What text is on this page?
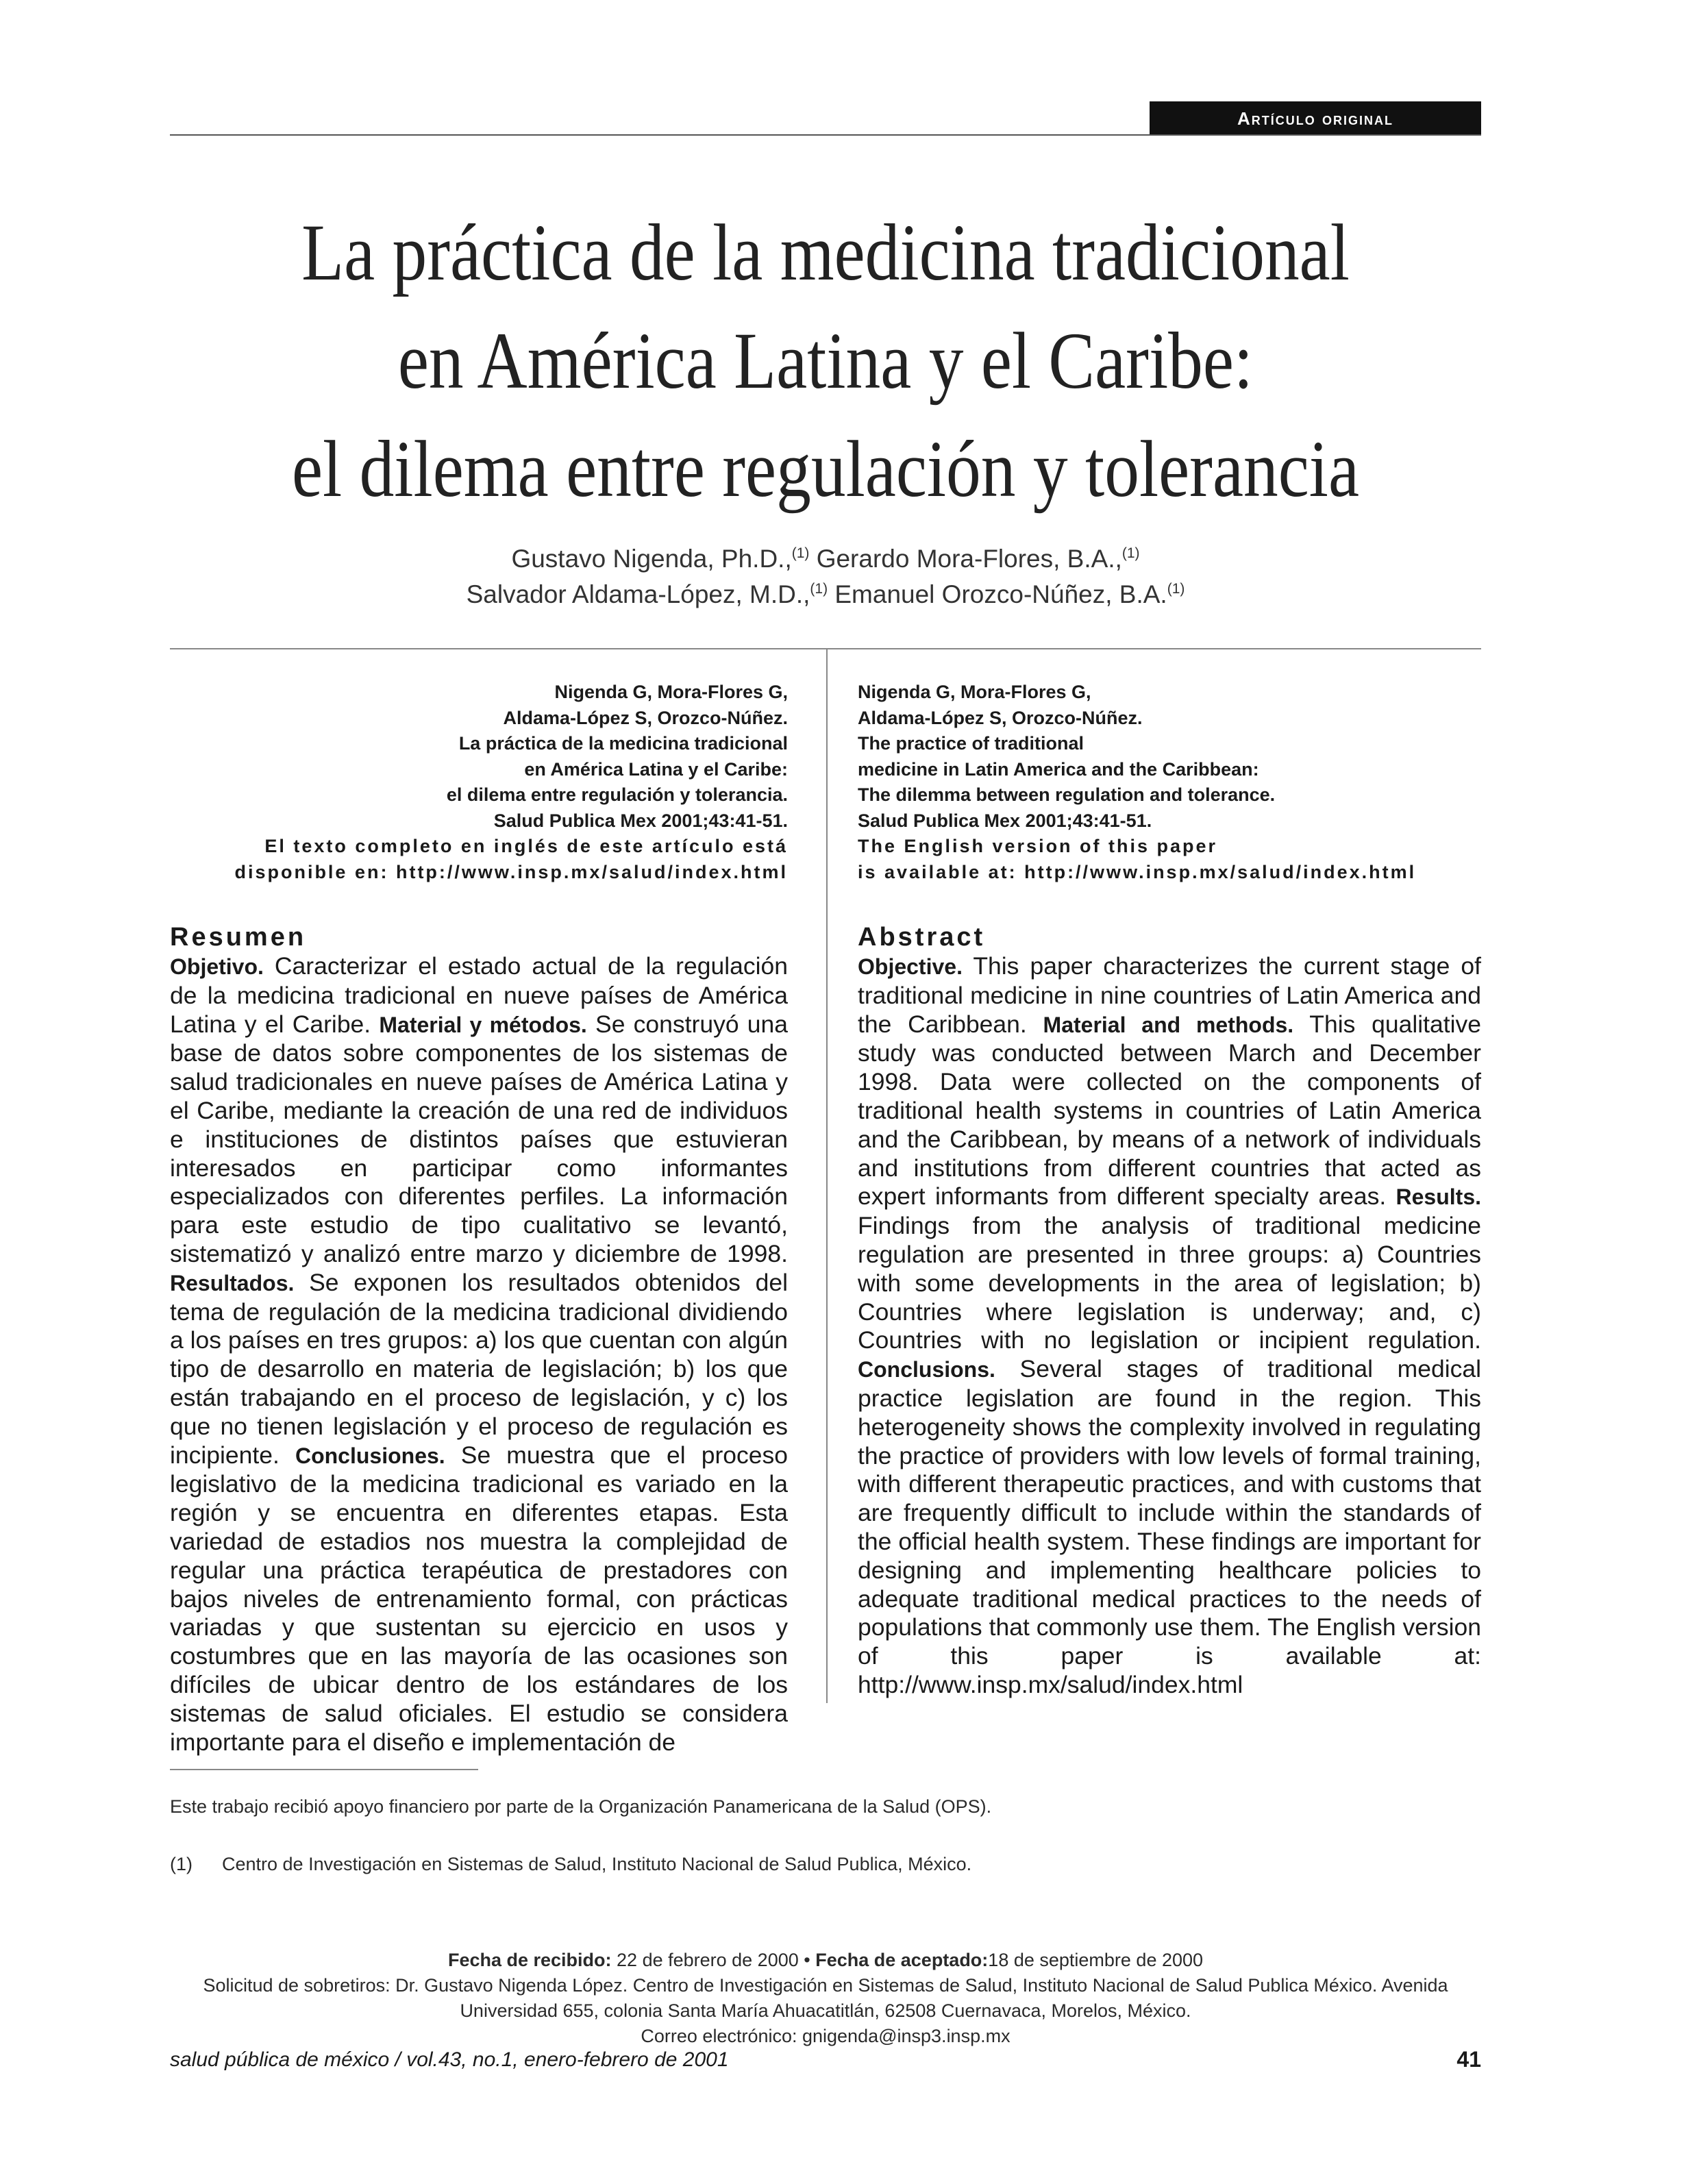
Artículo original
La práctica de la medicina tradicional
en América Latina y el Caribe:
el dilema entre regulación y tolerancia
Gustavo Nigenda, Ph.D.,$^{(1)}$ Gerardo Mora-Flores, B.A.,$^{(1)}$
Salvador Aldama-López, M.D.,$^{(1)}$ Emanuel Orozco-Núñez, B.A.$^{(1)}$
Nigenda G, Mora-Flores G,
Aldama-López S, Orozco-Núñez.
La práctica de la medicina tradicional
en América Latina y el Caribe:
el dilema entre regulación y tolerancia.
Salud Publica Mex 2001;43:41-51.
El texto completo en inglés de este artículo está
disponible en: http://www.insp.mx/salud/index.html
Nigenda G, Mora-Flores G,
Aldama-López S, Orozco-Núñez.
The practice of traditional
medicine in Latin America and the Caribbean:
The dilemma between regulation and tolerance.
Salud Publica Mex 2001;43:41-51.
The English version of this paper
is available at: http://www.insp.mx/salud/index.html
Resumen
Objetivo. Caracterizar el estado actual de la regulación de la medicina tradicional en nueve países de América Latina y el Caribe. Material y métodos. Se construyó una base de datos sobre componentes de los sistemas de salud tradicionales en nueve países de América Latina y el Caribe, mediante la creación de una red de individuos e instituciones de distintos países que estuvieran interesados en participar como informantes especializados con diferentes perfiles. La información para este estudio de tipo cualitativo se levantó, sistematizó y analizó entre marzo y diciembre de 1998. Resultados. Se exponen los resultados obtenidos del tema de regulación de la medicina tradicional dividiendo a los países en tres grupos: a) los que cuentan con algún tipo de desarrollo en materia de legislación; b) los que están trabajando en el proceso de legislación, y c) los que no tienen legislación y el proceso de regulación es incipiente. Conclusiones. Se muestra que el proceso legislativo de la medicina tradicional es variado en la región y se encuentra en diferentes etapas. Esta variedad de estadios nos muestra la complejidad de regular una práctica terapéutica de prestadores con bajos niveles de entrenamiento formal, con prácticas variadas y que sustentan su ejercicio en usos y costumbres que en las mayoría de las ocasiones son difíciles de ubicar dentro de los estándares de los sistemas de salud oficiales. El estudio se considera importante para el diseño e implementación de
Abstract
Objective. This paper characterizes the current stage of traditional medicine in nine countries of Latin America and the Caribbean. Material and methods. This qualitative study was conducted between March and December 1998. Data were collected on the components of traditional health systems in countries of Latin America and the Caribbean, by means of a network of individuals and institutions from different countries that acted as expert informants from different specialty areas. Results. Findings from the analysis of traditional medicine regulation are presented in three groups: a) Countries with some developments in the area of legislation; b) Countries where legislation is underway; and, c) Countries with no legislation or incipient regulation. Conclusions. Several stages of traditional medical practice legislation are found in the region. This heterogeneity shows the complexity involved in regulating the practice of providers with low levels of formal training, with different therapeutic practices, and with customs that are frequently difficult to include within the standards of the official health system. These findings are important for designing and implementing healthcare policies to adequate traditional medical practices to the needs of populations that commonly use them. The English version of this paper is available at: http://www.insp.mx/salud/index.html
Este trabajo recibió apoyo financiero por parte de la Organización Panamericana de la Salud (OPS).
(1) Centro de Investigación en Sistemas de Salud, Instituto Nacional de Salud Publica, México.
Fecha de recibido: 22 de febrero de 2000 • Fecha de aceptado:18 de septiembre de 2000
Solicitud de sobretiros: Dr. Gustavo Nigenda López. Centro de Investigación en Sistemas de Salud, Instituto Nacional de Salud Publica México. Avenida
Universidad 655, colonia Santa María Ahuacatitlán, 62508 Cuernavaca, Morelos, México.
Correo electrónico: gnigenda@insp3.insp.mx
salud pública de méxico / vol.43, no.1, enero-febrero de 2001	41
